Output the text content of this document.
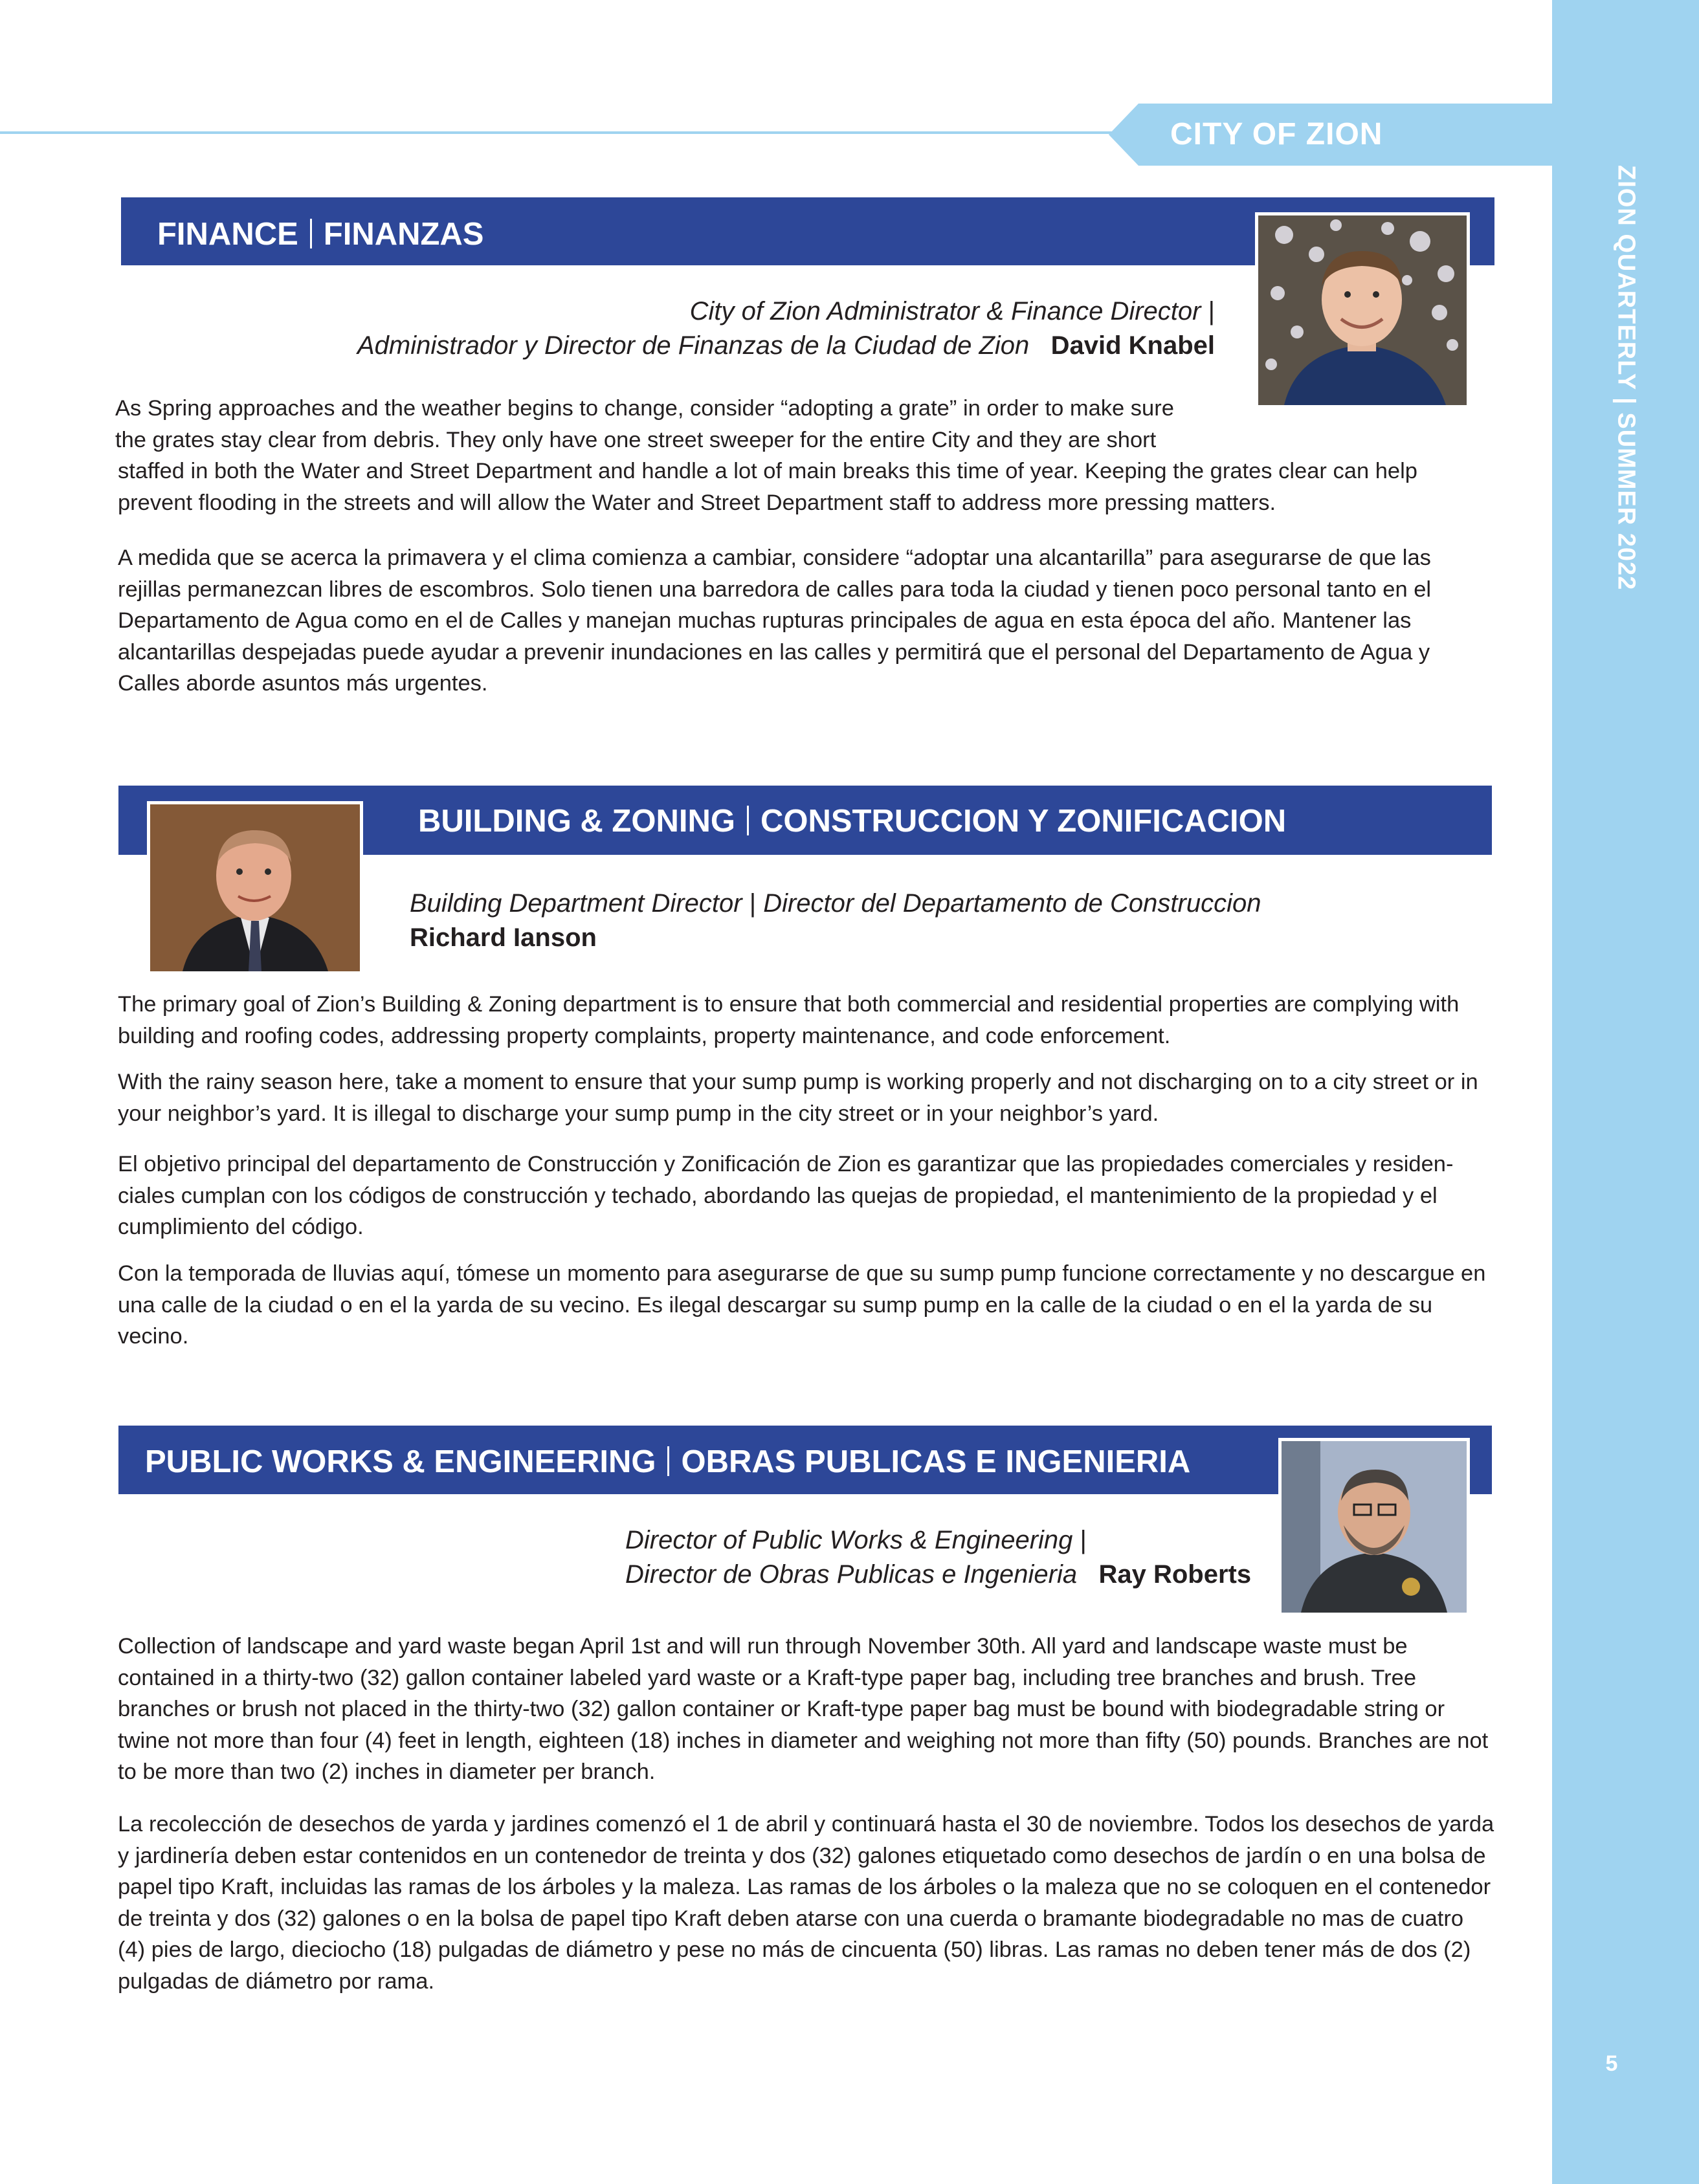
ZION QUARTERLY | SUMMER 2022
5
CITY OF ZION
FINANCE FINANZAS
City of Zion Administrator & Finance Director |
Administrador y Director de Finanzas de la Ciudad de Zion David Knabel

As Spring approaches and the weather begins to change, consider “adopting a grate” in order to make sure
the grates stay clear from debris. They only have one street sweeper for the entire City and they are short
staffed in both the Water and Street Department and handle a lot of main breaks this time of year. Keeping the grates clear can help prevent flooding in the streets and will allow the Water and Street Department staff to address more pressing matters.

A medida que se acerca la primavera y el clima comienza a cambiar, considere “adoptar una alcantarilla” para asegurarse de que las rejillas permanezcan libres de escombros. Solo tienen una barredora de calles para toda la ciudad y tienen poco personal tanto en el Departamento de Agua como en el de Calles y manejan muchas rupturas principales de agua en esta época del año. Mantener las alcantarillas despejadas puede ayudar a prevenir inundaciones en las calles y permitirá que el personal del Departamento de Agua y Calles aborde asuntos más urgentes.

BUILDING & ZONING CONSTRUCCION Y ZONIFICACION
Building Department Director | Director del Departamento de Construccion
Richard Ianson

The primary goal of Zion’s Building & Zoning department is to ensure that both commercial and residential properties are complying with building and roofing codes, addressing property complaints, property maintenance, and code enforcement.

With the rainy season here, take a moment to ensure that your sump pump is working properly and not discharging on to a city street or in your neighbor’s yard. It is illegal to discharge your sump pump in the city street or in your neighbor’s yard.

El objetivo principal del departamento de Construcción y Zonificación de Zion es garantizar que las propiedades comerciales y residen-ciales cumplan con los códigos de construcción y techado, abordando las quejas de propiedad, el mantenimiento de la propiedad y el cumplimiento del código.

Con la temporada de lluvias aquí, tómese un momento para asegurarse de que su sump pump funcione correctamente y no descargue en una calle de la ciudad o en el la yarda de su vecino. Es ilegal descargar su sump pump en la calle de la ciudad o en el la yarda de su vecino.

PUBLIC WORKS & ENGINEERING OBRAS PUBLICAS E INGENIERIA
Director of Public Works & Engineering |
Director de Obras Publicas e Ingenieria Ray Roberts

Collection of landscape and yard waste began April 1st and will run through November 30th. All yard and landscape waste must be contained in a thirty-two (32) gallon container labeled yard waste or a Kraft-type paper bag, including tree branches and brush. Tree branches or brush not placed in the thirty-two (32) gallon container or Kraft-type paper bag must be bound with biodegradable string or twine not more than four (4) feet in length, eighteen (18) inches in diameter and weighing not more than fifty (50) pounds. Branches are not to be more than two (2) inches in diameter per branch.

La recolección de desechos de yarda y jardines comenzó el 1 de abril y continuará hasta el 30 de noviembre. Todos los desechos de yarda y jardinería deben estar contenidos en un contenedor de treinta y dos (32) galones etiquetado como desechos de jardín o en una bolsa de papel tipo Kraft, incluidas las ramas de los árboles y la maleza. Las ramas de los árboles o la maleza que no se coloquen en el contenedor de treinta y dos (32) galones o en la bolsa de papel tipo Kraft deben atarse con una cuerda o bramante biodegradable no mas de cuatro (4) pies de largo, dieciocho (18) pulgadas de diámetro y pese no más de cincuenta (50) libras. Las ramas no deben tener más de dos (2) pulgadas de diámetro por rama.
